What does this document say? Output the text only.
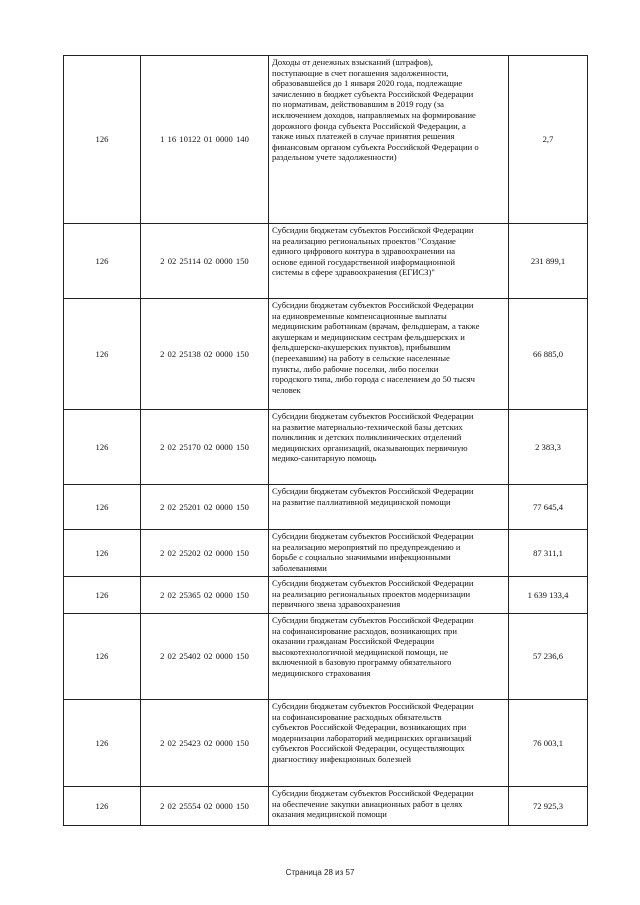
126	1 16 10122 01 0000 140
Доходы от денежных взысканий (штрафов),
поступающие в счет погашения задолженности,
образовавшейся до 1 января 2020 года, подлежащие
зачислению в бюджет субъекта Российской Федерации
по нормативам, действовавшим в 2019 году (за
исключением доходов, направляемых на формирование
дорожного фонда субъекта Российской Федерации, а
также иных платежей в случае принятия решения
финансовым органом субъекта Российской Федерации о
раздельном учете задолженности)
2,7
126	2 02 25114 02 0000 150
Субсидии бюджетам субъектов Российской Федерации
на реализацию региональных проектов "Создание
единого цифрового контура в здравоохранении на
основе единой государственной информационной
системы в сфере здравоохранения (ЕГИСЗ)"
231 899,1
126	2 02 25138 02 0000 150
Субсидии бюджетам субъектов Российской Федерации
на единовременные компенсационные выплаты
медицинским работникам (врачам, фельдшерам, а также
акушеркам и медицинским сестрам фельдшерских и
фельдшерско-акушерских пунктов), прибывшим
(переехавшим) на работу в сельские населенные
пункты, либо рабочие поселки, либо поселки
городского типа, либо города с населением до 50 тысяч
человек
66 885,0
126	2 02 25170 02 0000 150
Субсидии бюджетам субъектов Российской Федерации
на развитие материально-технической базы детских
поликлиник и детских поликлинических отделений
медицинских организаций, оказывающих первичную
медико-санитарную помощь
2 383,3
126	2 02 25201 02 0000 150
Субсидии бюджетам субъектов Российской Федерации
на развитие паллиативной медицинской помощи
77 645,4
126	2 02 25202 02 0000 150
Субсидии бюджетам субъектов Российской Федерации
на реализацию мероприятий по предупреждению и
борьбе с социально значимыми инфекционными
заболеваниями
87 311,1
126	2 02 25365 02 0000 150
Субсидии бюджетам субъектов Российской Федерации
на реализацию региональных проектов модернизации
первичного звена здравоохранения
1 639 133,4
126	2 02 25402 02 0000 150
Субсидии бюджетам субъектов Российской Федерации
на софинансирование расходов, возникающих при
оказании гражданам Российской Федерации
высокотехнологичной медицинской помощи, не
включенной в базовую программу обязательного
медицинского страхования
57 236,6
126	2 02 25423 02 0000 150
Субсидии бюджетам субъектов Российской Федерации
на софинансирование расходных обязательств
субъектов Российской Федерации, возникающих при
модернизации лабораторий медицинских организаций
субъектов Российской Федерации, осуществляющих
диагностику инфекционных болезней
76 003,1
126	2 02 25554 02 0000 150
Субсидии бюджетам субъектов Российской Федерации
на обеспечение закупки авиационных работ в целях
оказания медицинской помощи
72 925,3
Страница 28 из 57
